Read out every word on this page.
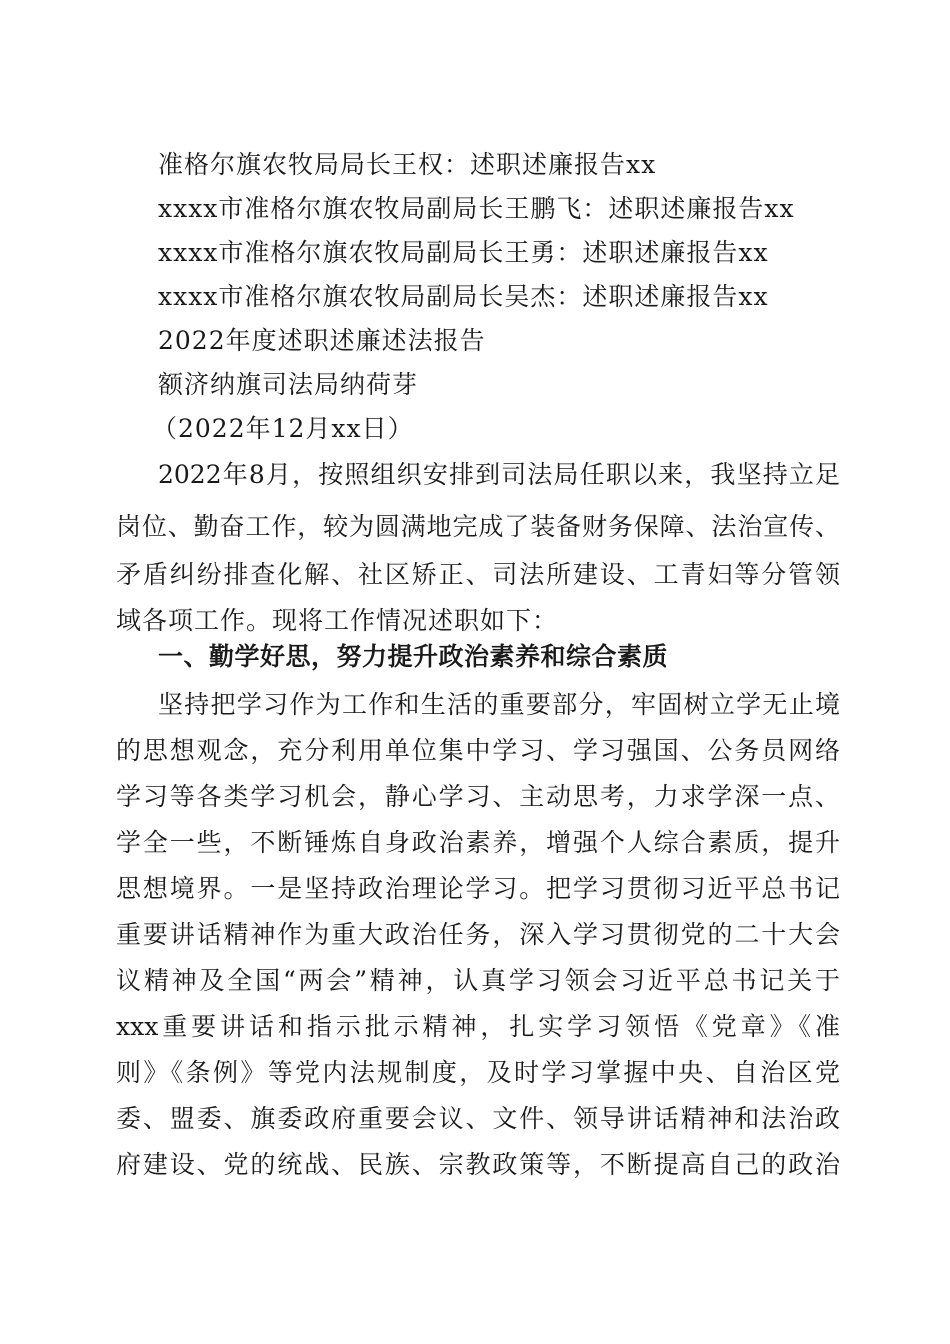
准格尔旗农牧局局长王权：述职述廉报告xx
xxxx市准格尔旗农牧局副局长王鹏飞：述职述廉报告xx
xxxx市准格尔旗农牧局副局长王勇：述职述廉报告xx
xxxx市准格尔旗农牧局副局长吴杰：述职述廉报告xx
2022年度述职述廉述法报告
额济纳旗司法局纳荷芽
（2022年12月xx日）
2022年8月，按照组织安排到司法局任职以来，我坚持立足
岗位、勤奋工作，较为圆满地完成了装备财务保障、法治宣传、
矛盾纠纷排查化解、社区矫正、司法所建设、工青妇等分管领
域各项工作。现将工作情况述职如下：
一、勤学好思，努力提升政治素养和综合素质
坚持把学习作为工作和生活的重要部分，牢固树立学无止境
的思想观念，充分利用单位集中学习、学习强国、公务员网络
学习等各类学习机会，静心学习、主动思考，力求学深一点、
学全一些，不断锤炼自身政治素养，增强个人综合素质，提升
思想境界。一是坚持政治理论学习。把学习贯彻习近平总书记
重要讲话精神作为重大政治任务，深入学习贯彻党的二十大会
议精神及全国“两会”精神，认真学习领会习近平总书记关于
xxx重要讲话和指示批示精神，扎实学习领悟《党章》《准
则》《条例》等党内法规制度，及时学习掌握中央、自治区党
委、盟委、旗委政府重要会议、文件、领导讲话精神和法治政
府建设、党的统战、民族、宗教政策等，不断提高自己的政治
